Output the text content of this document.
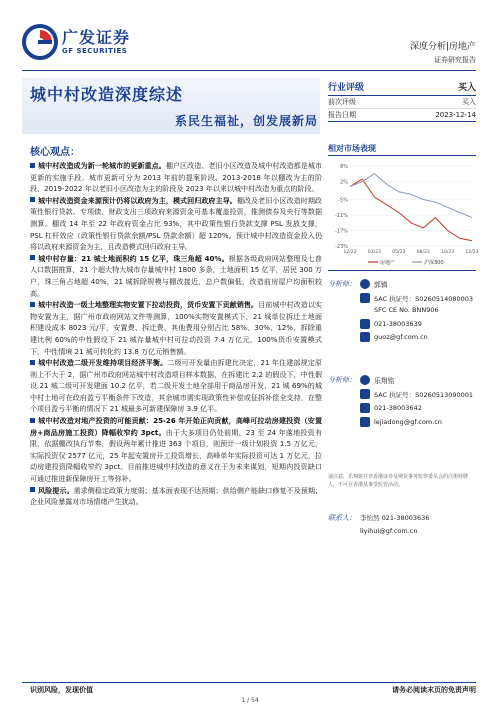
广发证券
GF SECURITIES	深度分析|房地产
证券研究报告
城中村改造深度综述
系民生福祉，创发展新局
行业评级	买入
前次评级	买入
报告日期	2023-12-14
核心观点：

城中村改造成为新一轮城市的更新重点。棚户区改造、老旧小区改造及城中村改造都是城市更新的实施手段。城市更新可分为 2013 年前的提案阶段、2013-2018 年以棚改为主的阶段、2019-2022 年以老旧小区改造为主的阶段及 2023 年以来以城中村改造为重点的阶段。

城中村改造资金来源预计仍将以政府为主，模式回归政府主导。棚改及老旧小区改造时期政策性银行贷款、专项债、财政支出三项政府来源资金可基本覆盖投资，推测债券及央行等数据测算。棚改 14 年至 22 年政府资金占比 93%，其中政策性银行贷款支撑 PSL 发放支撑，PSL 杠杆效应（政策性银行贷款余额/PSL 贷款余额）超 120%。预计城中村改造资金投入仍将以政府来源资金为主，且改造模式回归政府主导。

城中村存量：21 城土地面积约 15 亿平，珠三角超 40%。根据各级政府网站整理及七普人口数据推算，21 个超大特大城市存量城中村 1800 多条，土地面积 15 亿平，居民 300 万户，珠三角占地超 40%，21 城拆除规模与棚改接近，总户数偏低，改造前房屋户均面积较高。

城中村改造一级土地整理实物安置下拉动投资，货币安置下贡献销售。目前城中村改造以实物安置为主，据广州市政府网站文件等测算，100%实物安置模式下，21 城单位拆迁土地面积建设成本 8023 元/平，安置费、拆迁费、其他费用分别占比 58%、30%、12%，拆除重建比例 60%的中性假设下 21 城存量城中村可拉动投资 7.4 万亿元，100%货币安置模式下，中性情境 21 城可转化约 13.8 万亿元销售额。

城中村改造二级开发维持项目经济平衡。二级可开发量由拆建比决定，21 年住建部规定原则上不大于 2，据广州市政府网站城中村改造项目样本数据，在拆建比 2.2 的假设下，中性假设 21 城二级可开发建面 10.2 亿平，若二级开发土地全部用于商品房开发，21 城 69%的城中村土地可在政府盈亏平衡条件下改造，其余城市需实现政策性补偿或征拆补偿全支持，在整个项目盈亏平衡的情况下 21 城最多可新建保障房 3.9 亿平。

城中村改造对地产投资的可能贡献：25-26 年开始正向贡献，高峰可拉动房建投资（安置房+商品房施工投资）降幅收窄约 3pct。由于大多项目仍处前期，23 至 24 年落地投资有限，依据棚改执行节奏，假设两年累计推进 363 个项目，则预计一级计划投资 1.5 万亿元，实际投资仅 2577 亿元，25 年起安置房开工投资增长，高峰单年实际投资可达 1 万亿元，拉动房建投资降幅收窄约 3pct。目前推进城中村改造的意义在于为未来谋划，短期内投资缺口可通过推进新保障房开工等弥补。

风险提示。需求侧稳定政策力度弱；基本面表现不达预期；供给侧产能缺口修复不及预期；企业风险暴露对市场情绪产生扰动。

相对市场表现
8%
2%
-5%
-11%
-17%
-23%
12/22 03/23 05/23 08/23 10/23 12/23
房地产	沪深300
分析师：	郭镇
SAC 执证号：S0260514080003
SFC CE No. BNN906
021-38003639
guoz@gf.com.cn
分析师：	乐翔铭
SAC 执证号：S0260513090001
021-38003642
lejiadong@gf.com.cn
请注意，乐翔铭并非香港证券及期货事务监察委员会的注册持牌人，不可在香港从事受监管活动。
联系人： 李怡然 021-38003636
liyihui@gf.com.cn
识别风险，发现价值	请务必阅读末页的免责声明
1 / 54
